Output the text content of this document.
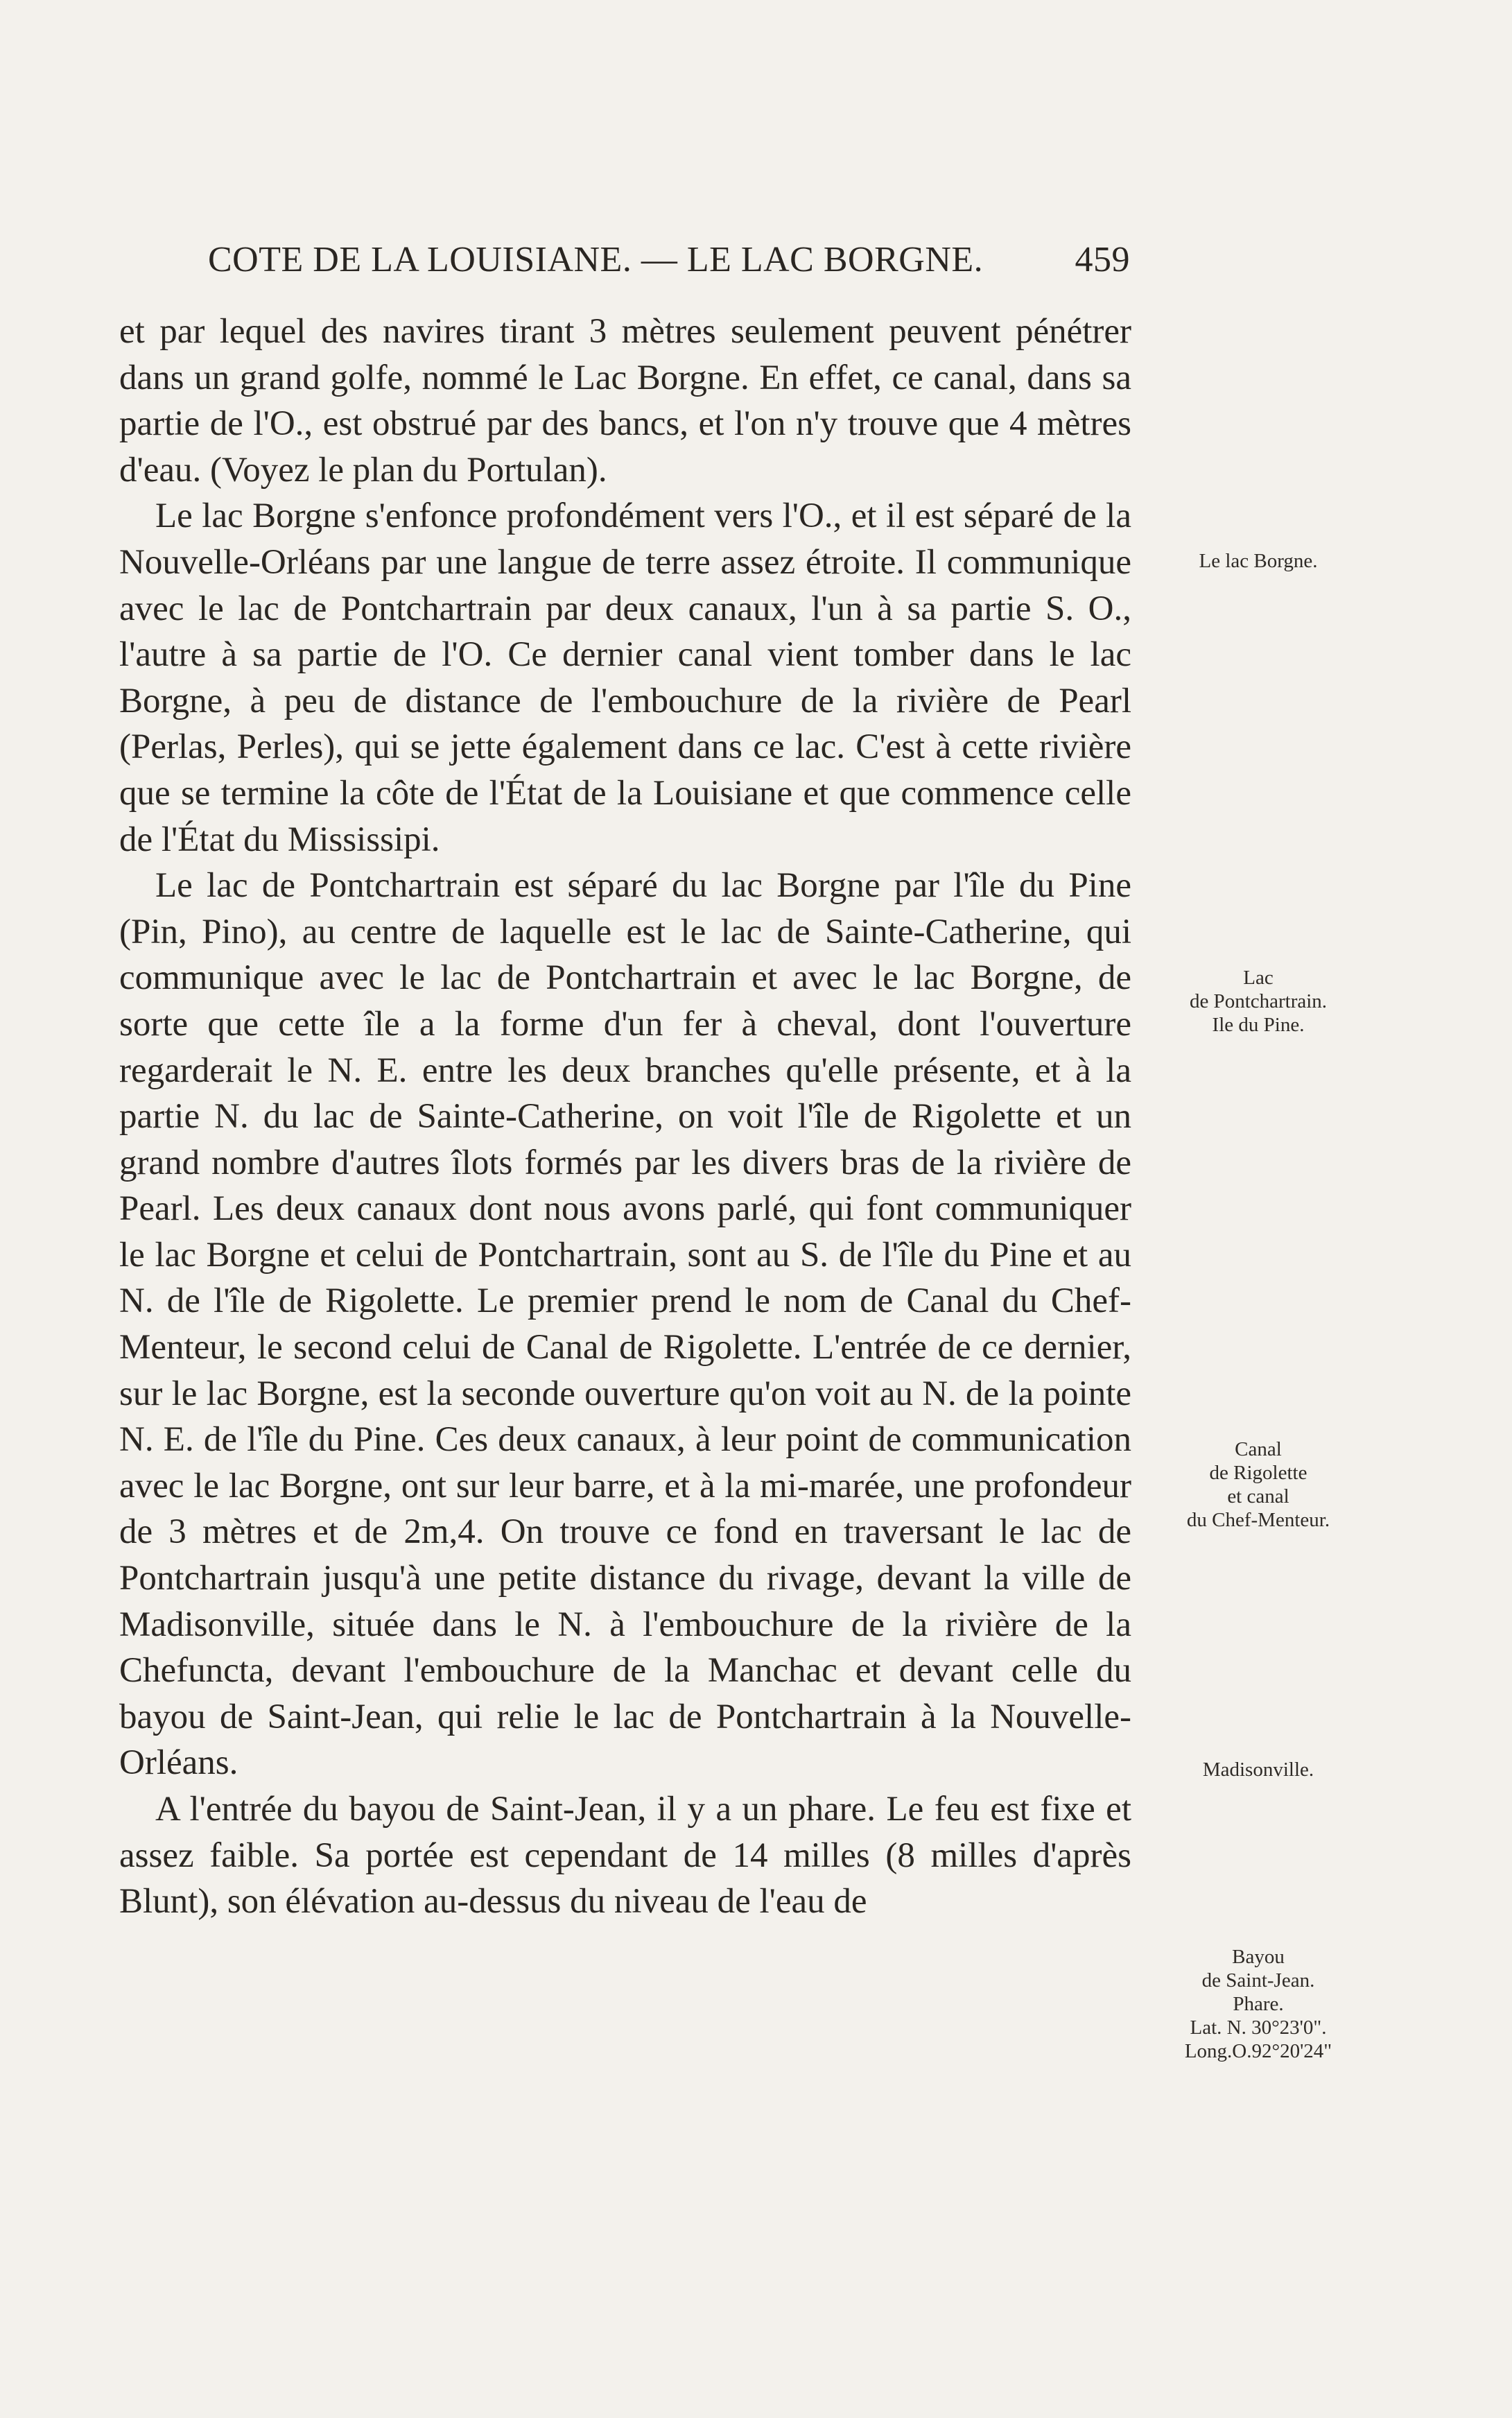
COTE DE LA LOUISIANE. — LE LAC BORGNE.	459

et par lequel des navires tirant 3 mètres seulement peuvent pénétrer dans un grand golfe, nommé le Lac Borgne. En effet, ce canal, dans sa partie de l'O., est obstrué par des bancs, et l'on n'y trouve que 4 mètres d'eau. (Voyez le plan du Portulan).

Le lac Borgne s'enfonce profondément vers l'O., et il est séparé de la Nouvelle-Orléans par une langue de terre assez étroite. Il communique avec le lac de Pontchartrain par deux canaux, l'un à sa partie S. O., l'autre à sa partie de l'O. Ce dernier canal vient tomber dans le lac Borgne, à peu de distance de l'embouchure de la rivière de Pearl (Perlas, Perles), qui se jette également dans ce lac. C'est à cette rivière que se termine la côte de l'État de la Louisiane et que commence celle de l'État du Mississipi.

Le lac de Pontchartrain est séparé du lac Borgne par l'île du Pine (Pin, Pino), au centre de laquelle est le lac de Sainte-Catherine, qui communique avec le lac de Pontchartrain et avec le lac Borgne, de sorte que cette île a la forme d'un fer à cheval, dont l'ouverture regarderait le N. E. entre les deux branches qu'elle présente, et à la partie N. du lac de Sainte-Catherine, on voit l'île de Rigolette et un grand nombre d'autres îlots formés par les divers bras de la rivière de Pearl. Les deux canaux dont nous avons parlé, qui font communiquer le lac Borgne et celui de Pontchartrain, sont au S. de l'île du Pine et au N. de l'île de Rigolette. Le premier prend le nom de Canal du Chef-Menteur, le second celui de Canal de Rigolette. L'entrée de ce dernier, sur le lac Borgne, est la seconde ouverture qu'on voit au N. de la pointe N. E. de l'île du Pine. Ces deux canaux, à leur point de communication avec le lac Borgne, ont sur leur barre, et à la mi-marée, une profondeur de 3 mètres et de 2m,4. On trouve ce fond en traversant le lac de Pontchartrain jusqu'à une petite distance du rivage, devant la ville de Madisonville, située dans le N. à l'embouchure de la rivière de la Chefuncta, devant l'embouchure de la Manchac et devant celle du bayou de Saint-Jean, qui relie le lac de Pontchartrain à la Nouvelle-Orléans.

A l'entrée du bayou de Saint-Jean, il y a un phare. Le feu est fixe et assez faible. Sa portée est cependant de 14 milles (8 milles d'après Blunt), son élévation au-dessus du niveau de l'eau de

Le lac Borgne.
Lac
de Pontchartrain.
Ile du Pine.
Canal
de Rigolette
et canal
du Chef-Menteur.
Madisonville.
Bayou
de Saint-Jean.
Phare.
Lat. N. 30°23'0".
Long.O.92°20'24"
